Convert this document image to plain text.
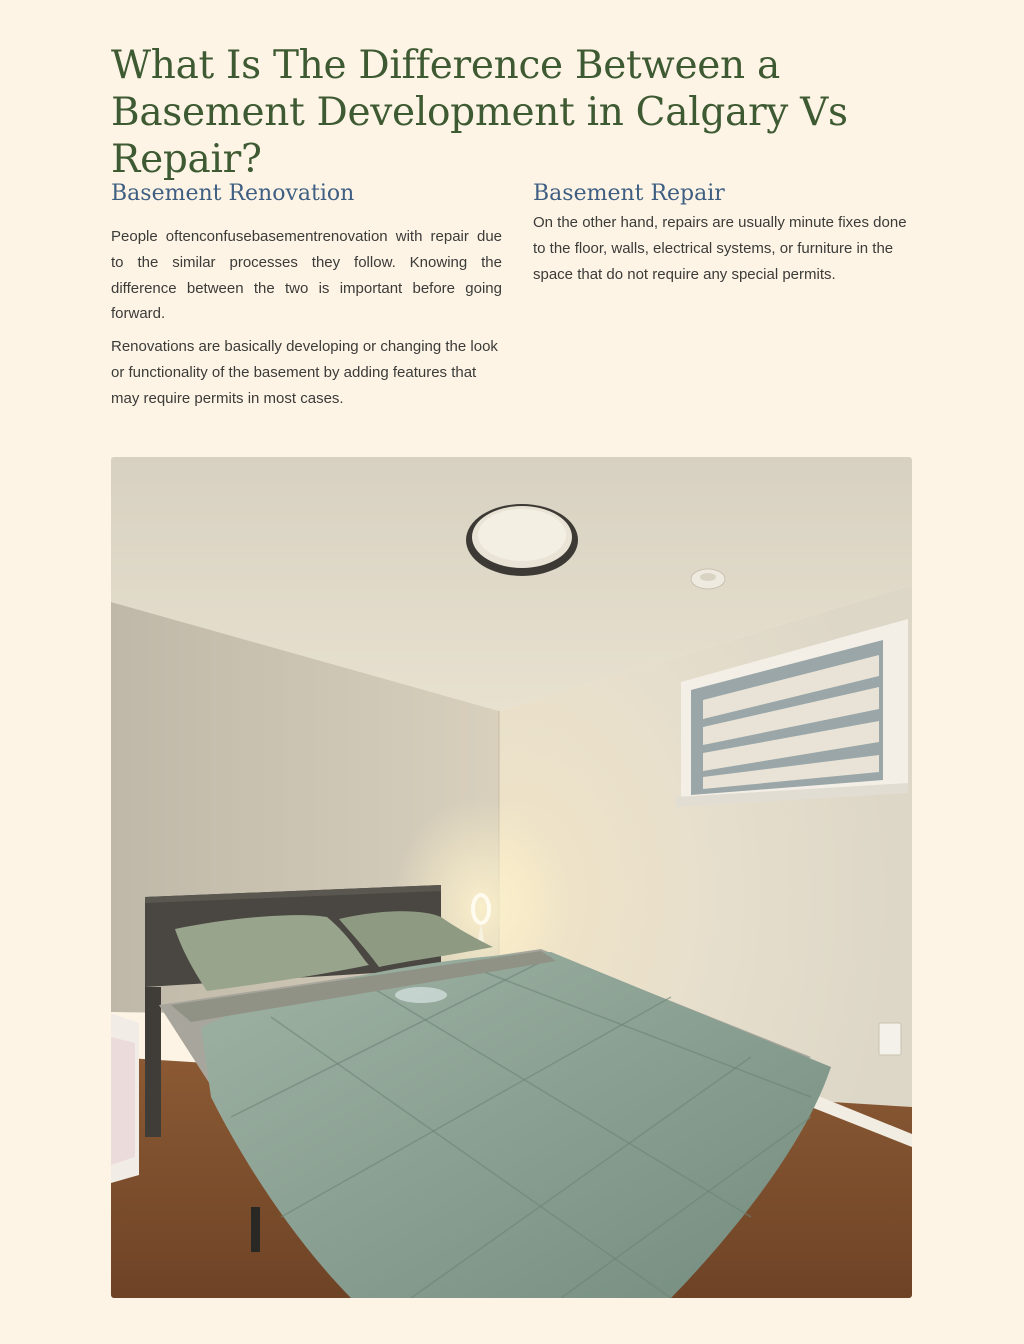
What Is The Difference Between a Basement Development in Calgary Vs Repair?
Basement Renovation

People oftenconfusebasementrenovation with repair due to the similar processes they follow. Knowing the difference between the two is important before going forward.

Renovations are basically developing or changing the look or functionality of the basement by adding features that may require permits in most cases.

Basement Repair

On the other hand, repairs are usually minute fixes done to the floor, walls, electrical systems, or furniture in the space that do not require any special permits.
